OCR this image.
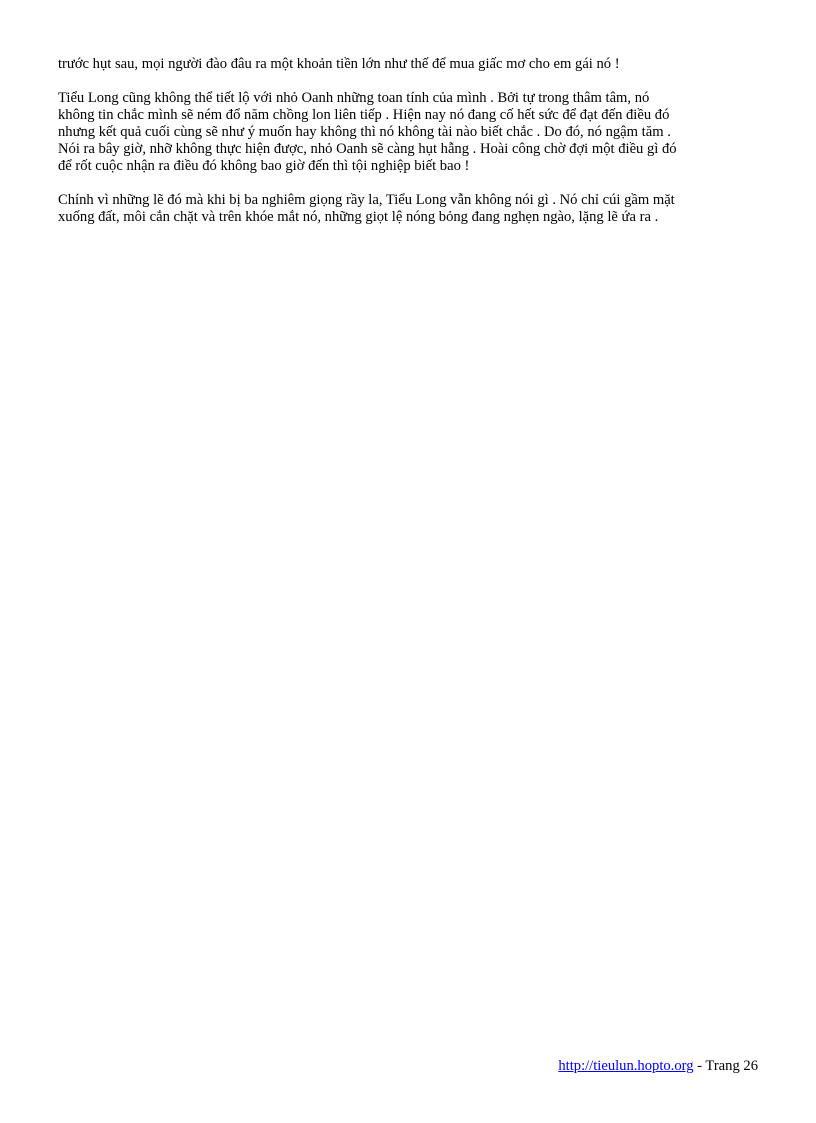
trước hụt sau, mọi người đào đâu ra một khoản tiền lớn như thế để mua giấc mơ cho em gái nó !

Tiểu Long cũng không thể tiết lộ với nhỏ Oanh những toan tính của mình . Bởi tự trong thâm tâm, nó
không tin chắc mình sẽ ném đổ năm chồng lon liên tiếp . Hiện nay nó đang cố hết sức để đạt đến điều đó
nhưng kết quả cuối cùng sẽ như ý muốn hay không thì nó không tài nào biết chắc . Do đó, nó ngậm tăm .
Nói ra bây giờ, nhỡ không thực hiện được, nhỏ Oanh sẽ càng hụt hẫng . Hoài công chờ đợi một điều gì đó
để rốt cuộc nhận ra điều đó không bao giờ đến thì tội nghiệp biết bao !

Chính vì những lẽ đó mà khi bị ba nghiêm giọng rầy la, Tiểu Long vẫn không nói gì . Nó chỉ cúi gầm mặt
xuống đất, môi cắn chặt và trên khóe mắt nó, những giọt lệ nóng bỏng đang nghẹn ngào, lặng lẽ ứa ra .

http://tieulun.hopto.org - Trang 26
